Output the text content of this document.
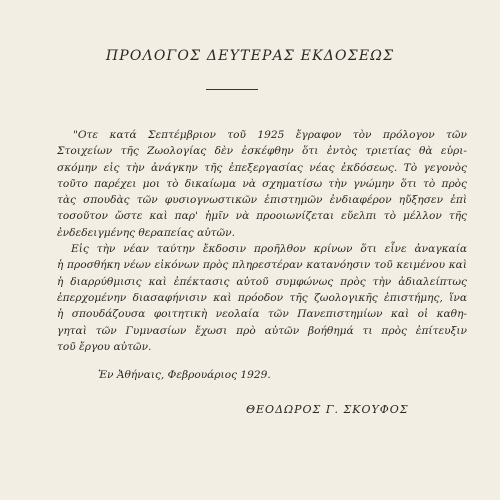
ΠΡΟΛΟΓΟΣ ΔΕΥΤΕΡΑΣ ΕΚΔΟΣΕΩΣ
"Οτε κατά Σεπτέμβριον τοῦ 1925 ἔγραφον τὸν πρόλογον τῶν
Στοιχείων τῆς Ζωολογίας δὲν ἐσκέφθην ὅτι ἐντὸς τριετίας θὰ εὑρι-
σκόμην εἰς τὴν ἀνάγκην τῆς ἐπεξεργασίας νέας ἐκδόσεως. Τὸ γεγονὸς
τοῦτο παρέχει μοι τὸ δικαίωμα νὰ σχηματίσω τὴν γνώμην ὅτι τὸ πρὸς
τὰς σπουδὰς τῶν φυσιογνωστικῶν ἐπιστημῶν ἐνδιαφέρον ηὔξησεν ἐπὶ
τοσοῦτον ὥστε καὶ παρ' ἡμῖν νὰ προοιωνίζεται εὔελπι τὸ μέλλον τῆς
ἐνδεδειγμένης θεραπείας αὐτῶν.
Εἰς τὴν νέαν ταύτην ἔκδοσιν προῆλθον κρίνων ὅτι εἶνε ἀναγκαία
ἡ προσθήκη νέων εἰκόνων πρὸς πληρεστέραν κατανόησιν τοῦ κειμένου καὶ
ἡ διαρρύθμισις καὶ ἐπέκτασις αὐτοῦ συμφώνως πρὸς τὴν ἀδιαλείπτως
ἐπερχομένην διασαφήνισιν καὶ πρόοδον τῆς ζωολογικῆς ἐπιστήμης, ἵνα
ἡ σπουδάζουσα φοιτητικὴ νεολαία τῶν Πανεπιστημίων καὶ οἱ καθη-
γηταὶ τῶν Γυμνασίων ἔχωσι πρὸ αὐτῶν βοήθημά τι πρὸς ἐπίτευξιν
τοῦ ἔργου αὐτῶν.
Ἐν Ἀθήναις, Φεβρουάριος 1929.
ΘΕΟΔΩΡΟΣ Γ. ΣΚΟΥΦΟΣ
